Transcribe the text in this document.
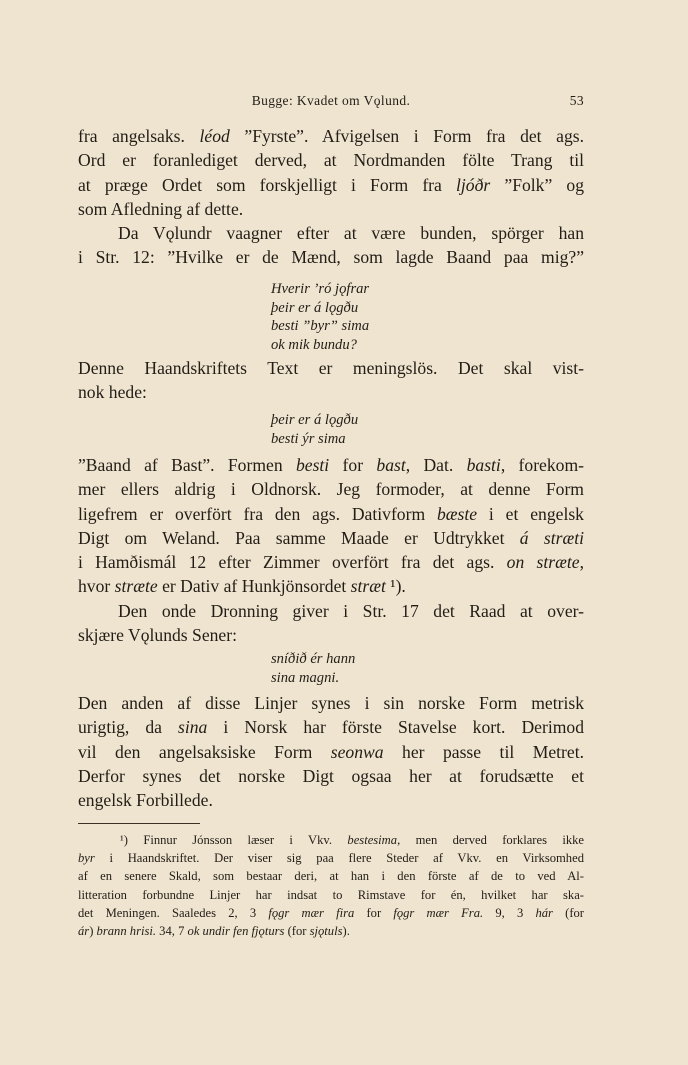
Bugge: Kvadet om Vǫlund.	53
fra angelsaks. léod ”Fyrste”. Afvigelsen i Form fra det ags.
Ord er foranlediget derved, at Nordmanden fölte Trang til
at præge Ordet som forskjelligt i Form fra ljóðr ”Folk” og
som Afledning af dette.
Da Vǫlundr vaagner efter at være bunden, spörger han
i Str. 12: ”Hvilke er de Mænd, som lagde Baand paa mig?”
Hverir ’ró jǫfrar
þeir er á lǫgðu
besti ”byr” sima
ok mik bundu?
Denne Haandskriftets Text er meningslös. Det skal vist-
nok hede:
þeir er á lǫgðu
besti ýr sima
”Baand af Bast”. Formen besti for bast, Dat. basti, forekom-
mer ellers aldrig i Oldnorsk. Jeg formoder, at denne Form
ligefrem er overfört fra den ags. Dativform bæste i et engelsk
Digt om Weland. Paa samme Maade er Udtrykket á stræti
i Hamðismál 12 efter Zimmer overfört fra det ags. on stræte,
hvor stræte er Dativ af Hunkjönsordet stræt ¹).
Den onde Dronning giver i Str. 17 det Raad at over-
skjære Vǫlunds Sener:
sníðið ér hann
sina magni.
Den anden af disse Linjer synes i sin norske Form metrisk
urigtig, da sina i Norsk har förste Stavelse kort. Derimod
vil den angelsaksiske Form seonwa her passe til Metret.
Derfor synes det norske Digt ogsaa her at forudsætte et
engelsk Forbillede.
¹) Finnur Jónsson læser i Vkv. bestesima, men derved forklares ikke
byr i Haandskriftet. Der viser sig paa flere Steder af Vkv. en Virksomhed
af en senere Skald, som bestaar deri, at han i den förste af de to ved Al-
litteration forbundne Linjer har indsat to Rimstave for én, hvilket har ska-
det Meningen. Saaledes 2, 3 fǫgr mær fira for fǫgr mær Fra. 9, 3 hár (for
ár) brann hrisi. 34, 7 ok undir fen fjǫturs (for sjǫtuls).
